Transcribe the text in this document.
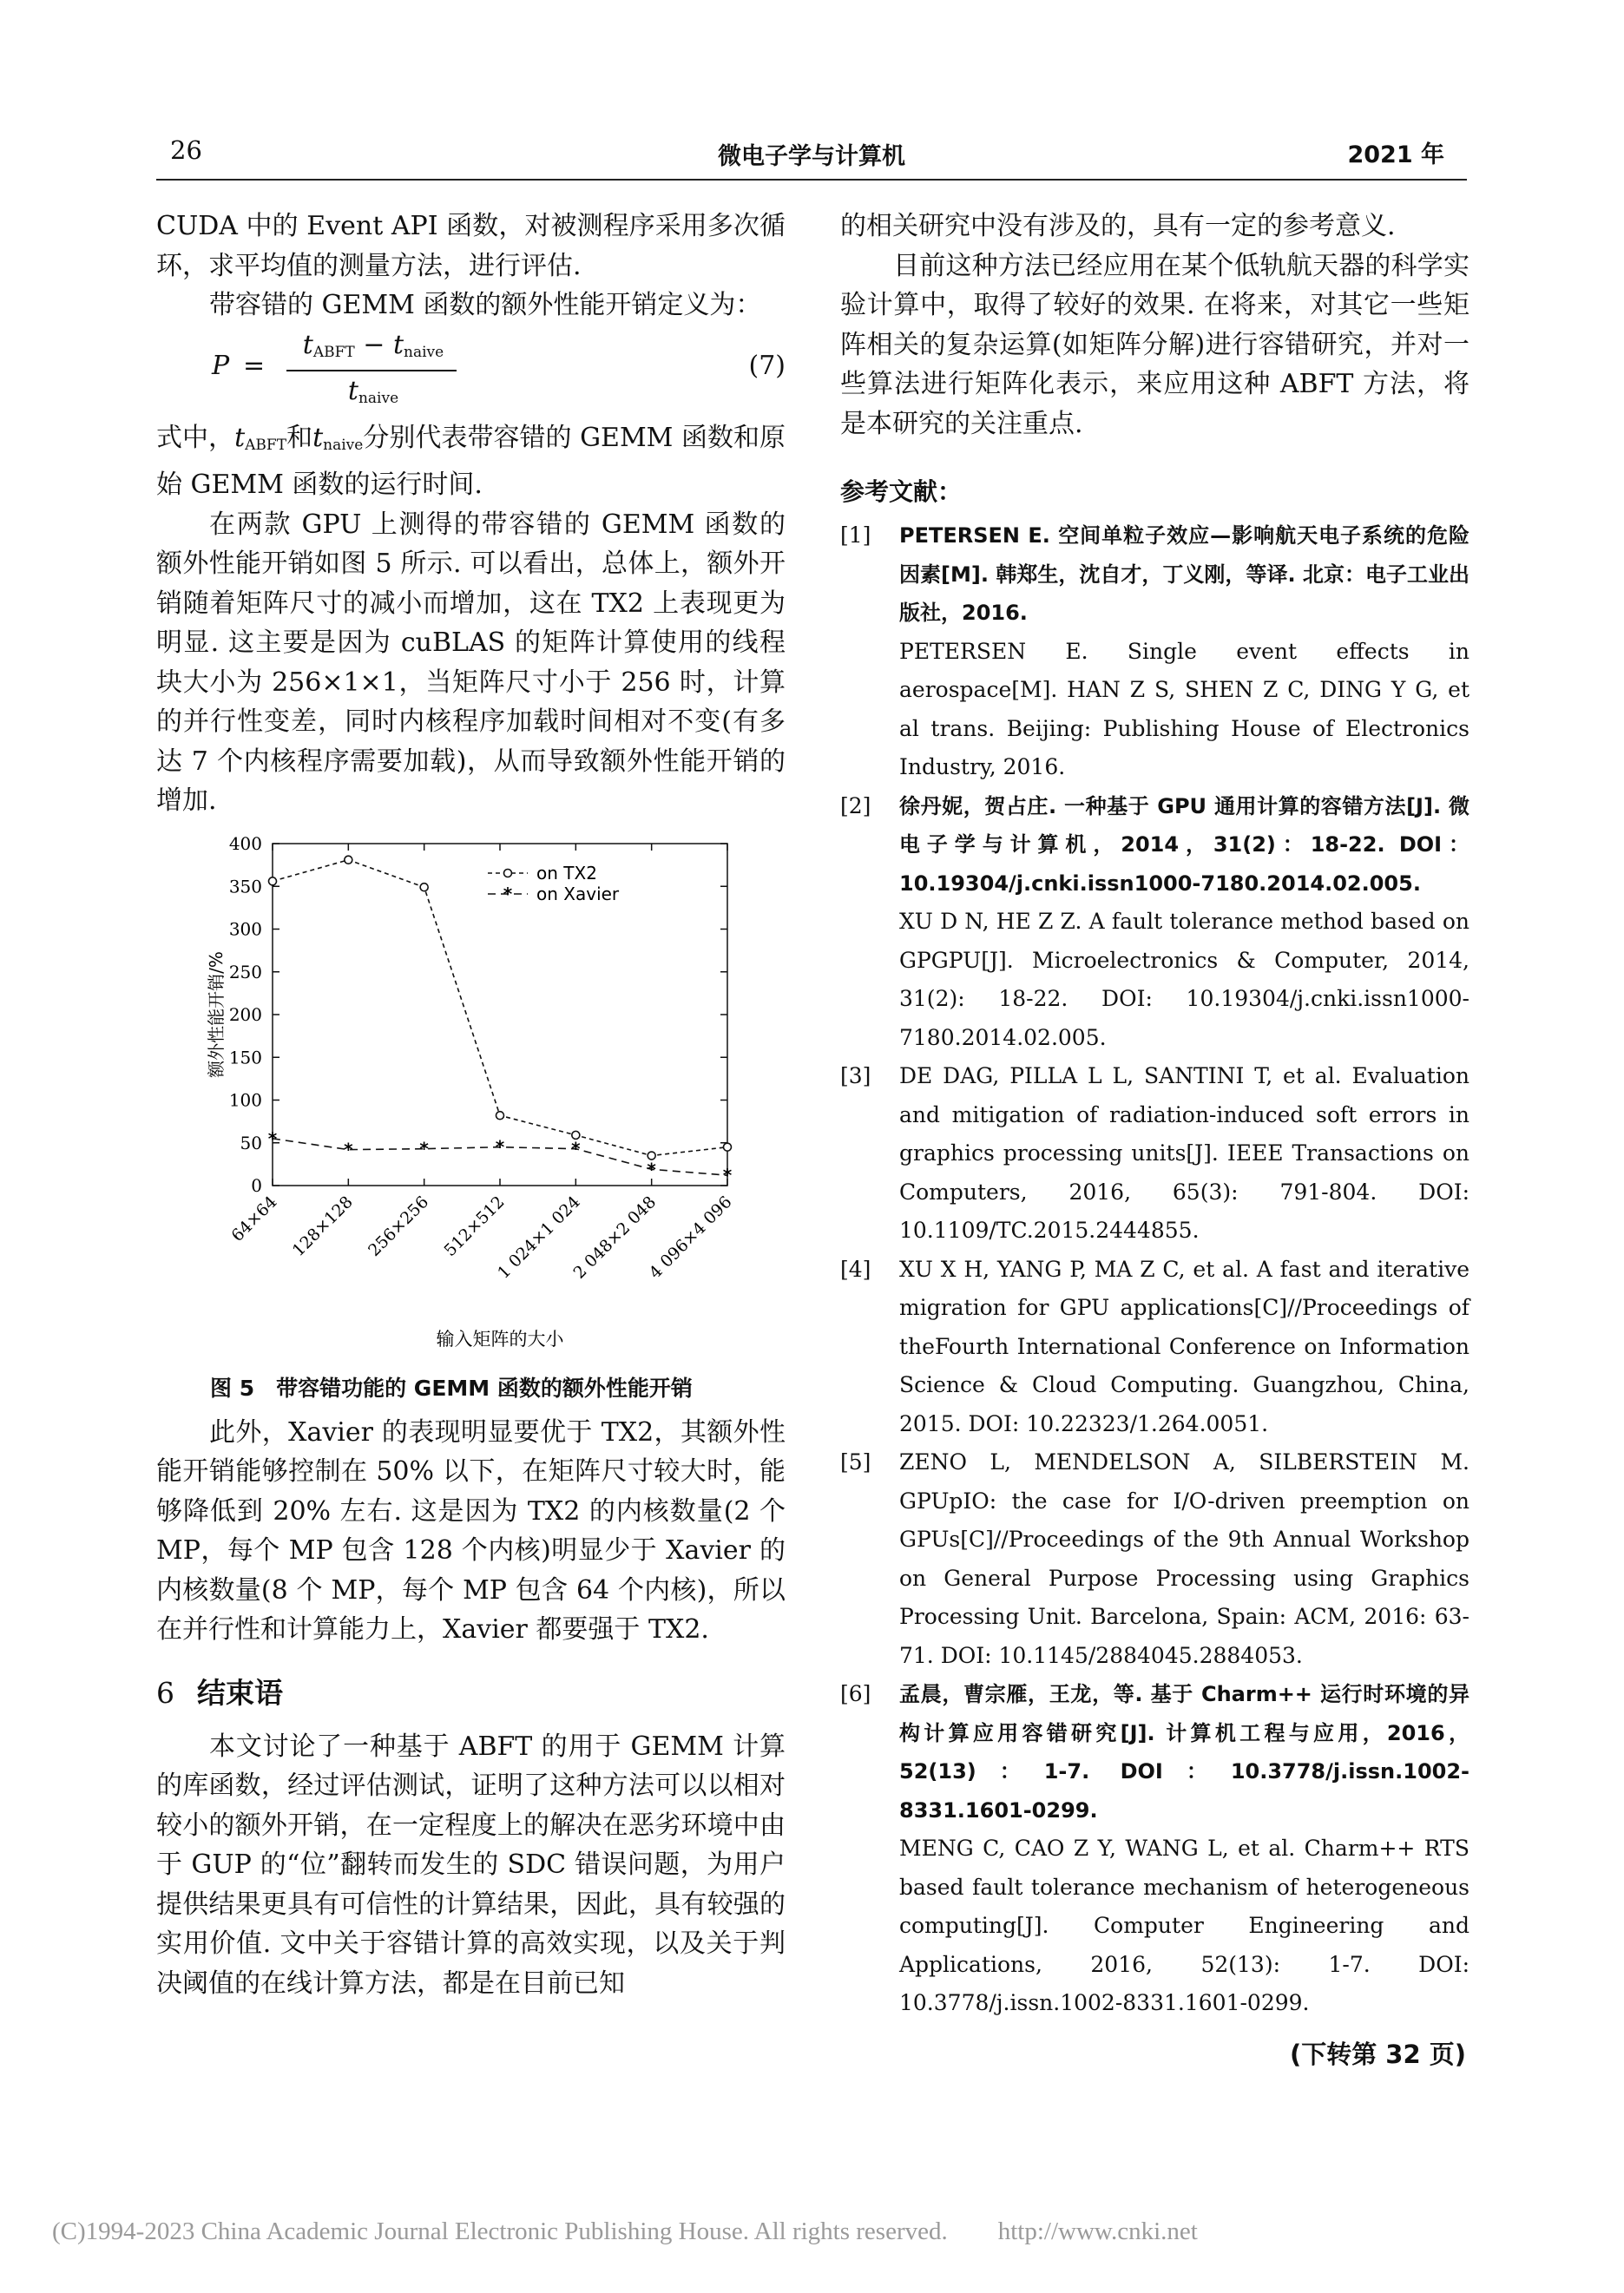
26	微电子学与计算机	2021 年

CUDA 中的 Event API 函数，对被测程序采用多次循环，求平均值的测量方法，进行评估.

带容错的 GEMM 函数的额外性能开销定义为：

P =
$t_{ABFT} - t_{naive}$
$t_{naive}$
(7)

式中，$t_{ABFT}$和$t_{naive}$分别代表带容错的 GEMM 函数和原始 GEMM 函数的运行时间.

在两款 GPU 上测得的带容错的 GEMM 函数的额外性能开销如图 5 所示. 可以看出，总体上，额外开销随着矩阵尺寸的减小而增加，这在 TX2 上表现更为明显. 这主要是因为 cuBLAS 的矩阵计算使用的线程块大小为 256×1×1，当矩阵尺寸小于 256 时，计算的并行性变差，同时内核程序加载时间相对不变(有多达 7 个内核程序需要加载)，从而导致额外性能开销的增加.

0
50
100
150
200
250
300
350
400
64×64 128×128 256×256 512×512
1 024×1 024
2 048×2 048
4 096×4 096
*
*	*	*	*
*	*
on TX2
* on Xavier
输入矩阵的大小
额外性能开销/%
图 5　带容错功能的 GEMM 函数的额外性能开销

此外，Xavier 的表现明显要优于 TX2，其额外性能开销能够控制在 50% 以下，在矩阵尺寸较大时，能够降低到 20% 左右. 这是因为 TX2 的内核数量(2 个 MP，每个 MP 包含 128 个内核)明显少于 Xavier 的内核数量(8 个 MP，每个 MP 包含 64 个内核)，所以在并行性和计算能力上，Xavier 都要强于 TX2.

6 结束语

本文讨论了一种基于 ABFT 的用于 GEMM 计算的库函数，经过评估测试，证明了这种方法可以以相对较小的额外开销，在一定程度上的解决在恶劣环境中由于 GUP 的“位”翻转而发生的 SDC 错误问题，为用户提供结果更具有可信性的计算结果，因此，具有较强的实用价值. 文中关于容错计算的高效实现，以及关于判决阈值的在线计算方法，都是在目前已知

的相关研究中没有涉及的，具有一定的参考意义.

目前这种方法已经应用在某个低轨航天器的科学实验计算中，取得了较好的效果. 在将来，对其它一些矩阵相关的复杂运算(如矩阵分解)进行容错研究，并对一些算法进行矩阵化表示，来应用这种 ABFT 方法，将是本研究的关注重点.

参考文献：
[1] PETERSEN E. 空间单粒子效应—影响航天电子系统的危险因素[M]. 韩郑生，沈自才，丁义刚，等译. 北京：电子工业出版社，2016.
PETERSEN E. Single event effects in aerospace[M]. HAN Z S, SHEN Z C, DING Y G, et al trans. Beijing: Publishing House of Electronics Industry, 2016.
[2] 徐丹妮，贺占庄. 一种基于 GPU 通用计算的容错方法[J]. 微电子学与计算机，2014，31(2)：18-22. DOI：10.19304/j.cnki.issn1000-7180.2014.02.005.
XU D N, HE Z Z. A fault tolerance method based on GPGPU[J]. Microelectronics & Computer, 2014, 31(2): 18-22. DOI: 10.19304/j.cnki.issn1000-7180.2014.02.005.
[3] DE DAG, PILLA L L, SANTINI T, et al. Evaluation and mitigation of radiation-induced soft errors in graphics processing units[J]. IEEE Transactions on Computers, 2016, 65(3): 791-804. DOI: 10.1109/TC.2015.2444855.
[4] XU X H, YANG P, MA Z C, et al. A fast and iterative migration for GPU applications[C]//Proceedings of theFourth International Conference on Information Science & Cloud Computing. Guangzhou, China, 2015. DOI: 10.22323/1.264.0051.
[5] ZENO L, MENDELSON A, SILBERSTEIN M. GPUpIO: the case for I/O-driven preemption on GPUs[C]//Proceedings of the 9th Annual Workshop on General Purpose Processing using Graphics Processing Unit. Barcelona, Spain: ACM, 2016: 63-71. DOI: 10.1145/2884045.2884053.
[6] 孟晨，曹宗雁，王龙，等. 基于 Charm++ 运行时环境的异构计算应用容错研究[J]. 计算机工程与应用，2016，52(13)：1-7. DOI：10.3778/j.issn.1002-8331.1601-0299.
MENG C, CAO Z Y, WANG L, et al. Charm++ RTS based fault tolerance mechanism of heterogeneous computing[J]. Computer Engineering and Applications, 2016, 52(13): 1-7. DOI: 10.3778/j.issn.1002-8331.1601-0299.
(下转第 32 页)
(C)1994-2023 China Academic Journal Electronic Publishing House. All rights reserved.　　http://www.cnki.net
